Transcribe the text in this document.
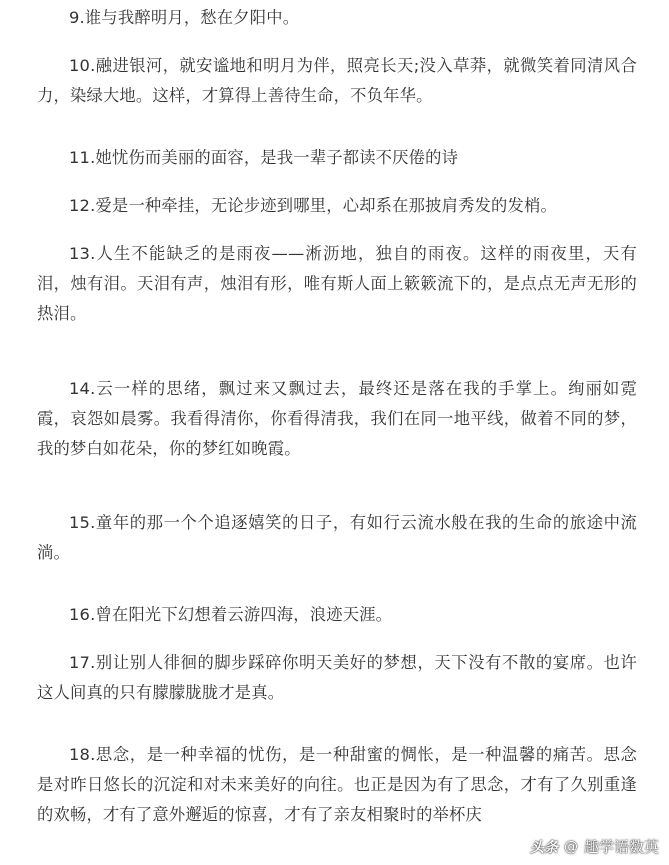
9.谁与我醉明月，愁在夕阳中。

10.融进银河，就安谧地和明月为伴，照亮长天;没入草莽，就微笑着同清风合力，染绿大地。这样，才算得上善待生命，不负年华。

11.她忧伤而美丽的面容，是我一辈子都读不厌倦的诗

12.爱是一种牵挂，无论步迹到哪里，心却系在那披肩秀发的发梢。

13.人生不能缺乏的是雨夜——淅沥地，独自的雨夜。这样的雨夜里，天有泪，烛有泪。天泪有声，烛泪有形，唯有斯人面上簌簌流下的，是点点无声无形的热泪。

14.云一样的思绪，飘过来又飘过去，最终还是落在我的手掌上。绚丽如霓霞，哀怨如晨雾。我看得清你，你看得清我，我们在同一地平线，做着不同的梦，我的梦白如花朵，你的梦红如晚霞。

15.童年的那一个个追逐嬉笑的日子，有如行云流水般在我的生命的旅途中流淌。

16.曾在阳光下幻想着云游四海，浪迹天涯。

17.别让别人徘徊的脚步踩碎你明天美好的梦想，天下没有不散的宴席。也许这人间真的只有朦朦胧胧才是真。

18.思念，是一种幸福的忧伤，是一种甜蜜的惆怅，是一种温馨的痛苦。思念是对昨日悠长的沉淀和对未来美好的向往。也正是因为有了思念，才有了久别重逢的欢畅，才有了意外邂逅的惊喜，才有了亲友相聚时的举杯庆

头条 @ 趣学语数英
